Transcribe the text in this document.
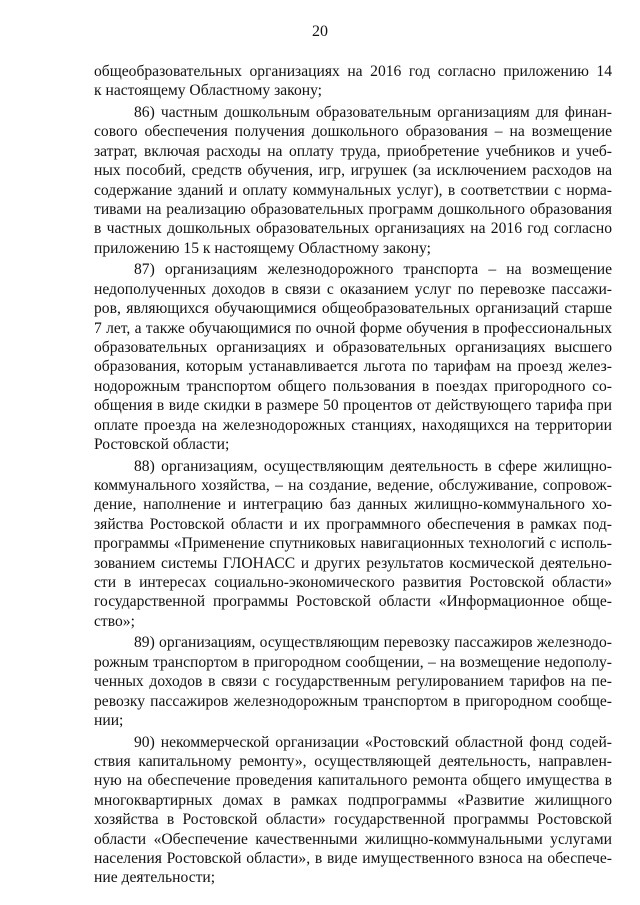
20
общеобразовательных организациях на 2016 год согласно приложению 14
к настоящему Областному закону;
86) частным дошкольным образовательным организациям для финан-
сового обеспечения получения дошкольного образования – на возмещение
затрат, включая расходы на оплату труда, приобретение учебников и учеб-
ных пособий, средств обучения, игр, игрушек (за исключением расходов на
содержание зданий и оплату коммунальных услуг), в соответствии с норма-
тивами на реализацию образовательных программ дошкольного образования
в частных дошкольных образовательных организациях на 2016 год согласно
приложению 15 к настоящему Областному закону;
87) организациям железнодорожного транспорта – на возмещение
недополученных доходов в связи с оказанием услуг по перевозке пассажи-
ров, являющихся обучающимися общеобразовательных организаций старше
7 лет, а также обучающимися по очной форме обучения в профессиональных
образовательных организациях и образовательных организациях высшего
образования, которым устанавливается льгота по тарифам на проезд желез-
нодорожным транспортом общего пользования в поездах пригородного со-
общения в виде скидки в размере 50 процентов от действующего тарифа при
оплате проезда на железнодорожных станциях, находящихся на территории
Ростовской области;
88) организациям, осуществляющим деятельность в сфере жилищно-
коммунального хозяйства, – на создание, ведение, обслуживание, сопровож-
дение, наполнение и интеграцию баз данных жилищно-коммунального хо-
зяйства Ростовской области и их программного обеспечения в рамках под-
программы «Применение спутниковых навигационных технологий с исполь-
зованием системы ГЛОНАСС и других результатов космической деятельно-
сти в интересах социально-экономического развития Ростовской области»
государственной программы Ростовской области «Информационное обще-
ство»;
89) организациям, осуществляющим перевозку пассажиров железнодо-
рожным транспортом в пригородном сообщении, – на возмещение недополу-
ченных доходов в связи с государственным регулированием тарифов на пе-
ревозку пассажиров железнодорожным транспортом в пригородном сообще-
нии;
90) некоммерческой организации «Ростовский областной фонд содей-
ствия капитальному ремонту», осуществляющей деятельность, направлен-
ную на обеспечение проведения капитального ремонта общего имущества в
многоквартирных домах в рамках подпрограммы «Развитие жилищного
хозяйства в Ростовской области» государственной программы Ростовской
области «Обеспечение качественными жилищно-коммунальными услугами
населения Ростовской области», в виде имущественного взноса на обеспече-
ние деятельности;
